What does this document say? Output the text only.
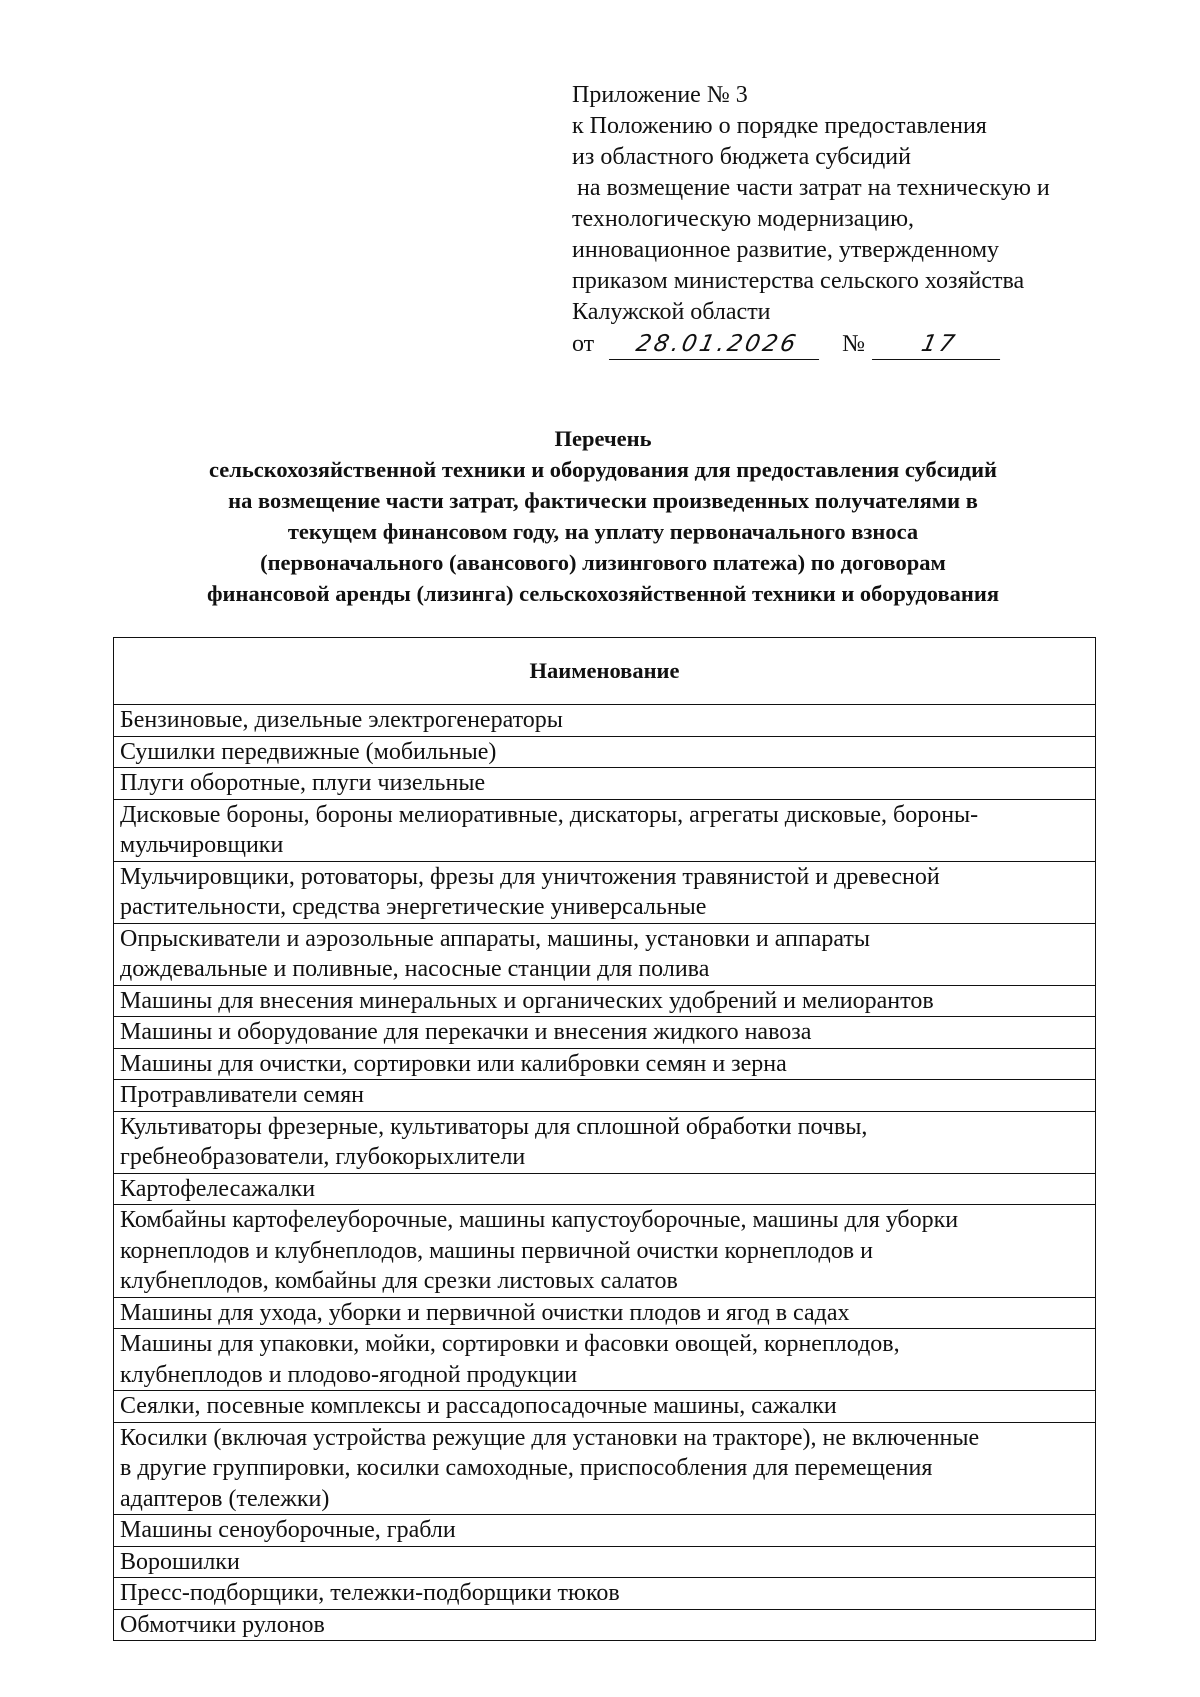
Приложение № 3
к Положению о порядке предоставления
из областного бюджета субсидий
на возмещение части затрат на техническую и
технологическую модернизацию,
инновационное развитие, утвержденному
приказом министерства сельского хозяйства
Калужской области
от	28.01.2026	№	17
Перечень
сельскохозяйственной техники и оборудования для предоставления субсидий
на возмещение части затрат, фактически произведенных получателями в
текущем финансовом году, на уплату первоначального взноса
(первоначального (авансового) лизингового платежа) по договорам
финансовой аренды (лизинга) сельскохозяйственной техники и оборудования
Наименование

Бензиновые, дизельные электрогенераторы

Сушилки передвижные (мобильные)

Плуги оборотные, плуги чизельные

Дисковые бороны, бороны мелиоративные, дискаторы, агрегаты дисковые, бороны-
мульчировщики

Мульчировщики, ротоваторы, фрезы для уничтожения травянистой и древесной
растительности, средства энергетические универсальные

Опрыскиватели и аэрозольные аппараты, машины, установки и аппараты
дождевальные и поливные, насосные станции для полива

Машины для внесения минеральных и органических удобрений и мелиорантов

Машины и оборудование для перекачки и внесения жидкого навоза

Машины для очистки, сортировки или калибровки семян и зерна

Протравливатели семян

Культиваторы фрезерные, культиваторы для сплошной обработки почвы,
гребнеобразователи, глубокорыхлители

Картофелесажалки

Комбайны картофелеуборочные, машины капустоуборочные, машины для уборки
корнеплодов и клубнеплодов, машины первичной очистки корнеплодов и
клубнеплодов, комбайны для срезки листовых салатов

Машины для ухода, уборки и первичной очистки плодов и ягод в садах

Машины для упаковки, мойки, сортировки и фасовки овощей, корнеплодов,
клубнеплодов и плодово-ягодной продукции

Сеялки, посевные комплексы и рассадопосадочные машины, сажалки

Косилки (включая устройства режущие для установки на тракторе), не включенные
в другие группировки, косилки самоходные, приспособления для перемещения
адаптеров (тележки)

Машины сеноуборочные, грабли

Ворошилки

Пресс-подборщики, тележки-подборщики тюков

Обмотчики рулонов
